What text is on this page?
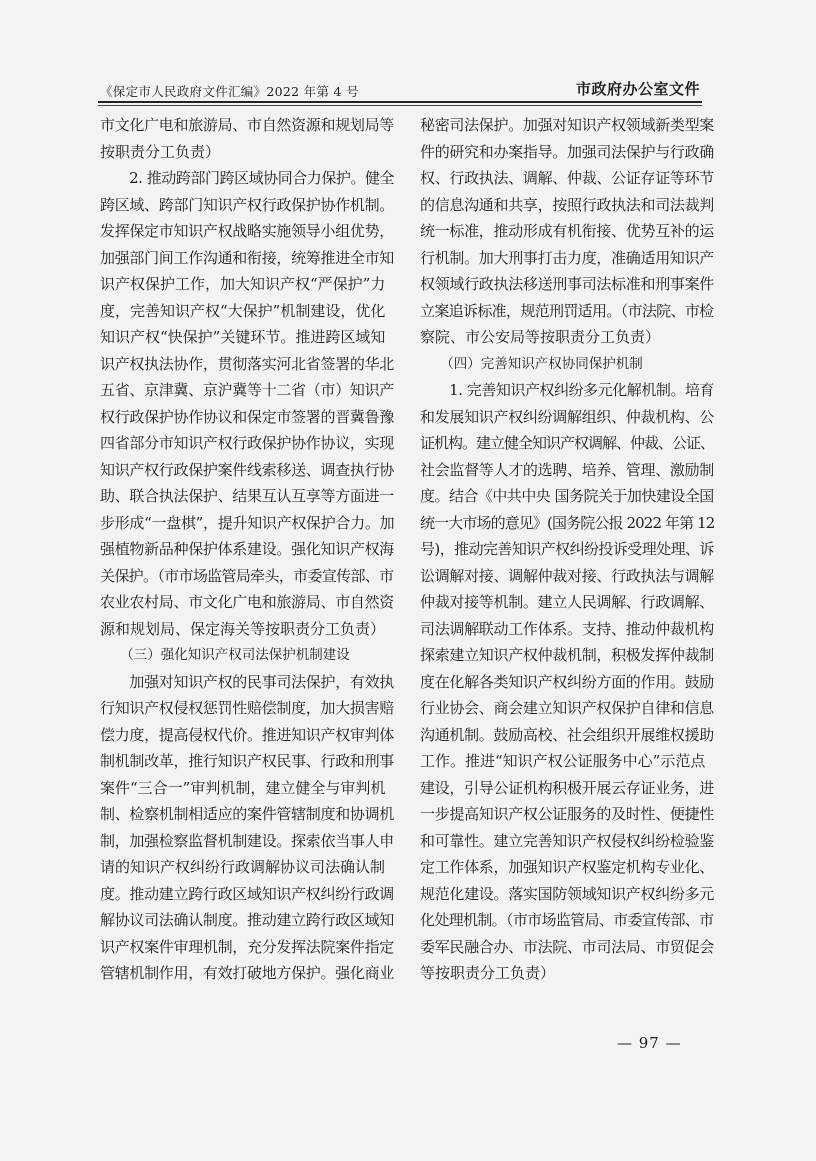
《保定市人民政府文件汇编》2022 年第 4 号	市政府办公室文件
市文化广电和旅游局、市自然资源和规划局等
按职责分工负责）
　　2. 推动跨部门跨区域协同合力保护。健全
跨区域、跨部门知识产权行政保护协作机制。
发挥保定市知识产权战略实施领导小组优势，
加强部门间工作沟通和衔接，统筹推进全市知
识产权保护工作，加大知识产权“严保护”力
度，完善知识产权“大保护”机制建设，优化
知识产权“快保护”关键环节。推进跨区域知
识产权执法协作，贯彻落实河北省签署的华北
五省、京津冀、京沪冀等十二省（市）知识产
权行政保护协作协议和保定市签署的晋冀鲁豫
四省部分市知识产权行政保护协作协议，实现
知识产权行政保护案件线索移送、调查执行协
助、联合执法保护、结果互认互享等方面进一
步形成“一盘棋”，提升知识产权保护合力。加
强植物新品种保护体系建设。强化知识产权海
关保护。（市市场监管局牵头，市委宣传部、市
农业农村局、市文化广电和旅游局、市自然资
源和规划局、保定海关等按职责分工负责）
　　（三）强化知识产权司法保护机制建设
　　加强对知识产权的民事司法保护，有效执
行知识产权侵权惩罚性赔偿制度，加大损害赔
偿力度，提高侵权代价。推进知识产权审判体
制机制改革，推行知识产权民事、行政和刑事
案件“三合一”审判机制，建立健全与审判机
制、检察机制相适应的案件管辖制度和协调机
制，加强检察监督机制建设。探索依当事人申
请的知识产权纠纷行政调解协议司法确认制
度。推动建立跨行政区域知识产权纠纷行政调
解协议司法确认制度。推动建立跨行政区域知
识产权案件审理机制，充分发挥法院案件指定
管辖机制作用，有效打破地方保护。强化商业
秘密司法保护。加强对知识产权领域新类型案
件的研究和办案指导。加强司法保护与行政确
权、行政执法、调解、仲裁、公证存证等环节
的信息沟通和共享，按照行政执法和司法裁判
统一标准，推动形成有机衔接、优势互补的运
行机制。加大刑事打击力度，准确适用知识产
权领域行政执法移送刑事司法标准和刑事案件
立案追诉标准，规范刑罚适用。（市法院、市检
察院、市公安局等按职责分工负责）
　　（四）完善知识产权协同保护机制
　　1. 完善知识产权纠纷多元化解机制。培育
和发展知识产权纠纷调解组织、仲裁机构、公
证机构。建立健全知识产权调解、仲裁、公证、
社会监督等人才的选聘、培养、管理、激励制
度。结合《中共中央 国务院关于加快建设全国
统一大市场的意见》(国务院公报 2022 年第 12
号)，推动完善知识产权纠纷投诉受理处理、诉
讼调解对接、调解仲裁对接、行政执法与调解
仲裁对接等机制。建立人民调解、行政调解、
司法调解联动工作体系。支持、推动仲裁机构
探索建立知识产权仲裁机制，积极发挥仲裁制
度在化解各类知识产权纠纷方面的作用。鼓励
行业协会、商会建立知识产权保护自律和信息
沟通机制。鼓励高校、社会组织开展维权援助
工作。推进“知识产权公证服务中心”示范点
建设，引导公证机构积极开展云存证业务，进
一步提高知识产权公证服务的及时性、便捷性
和可靠性。建立完善知识产权侵权纠纷检验鉴
定工作体系，加强知识产权鉴定机构专业化、
规范化建设。落实国防领域知识产权纠纷多元
化处理机制。（市市场监管局、市委宣传部、市
委军民融合办、市法院、市司法局、市贸促会
等按职责分工负责）
— 97 —
